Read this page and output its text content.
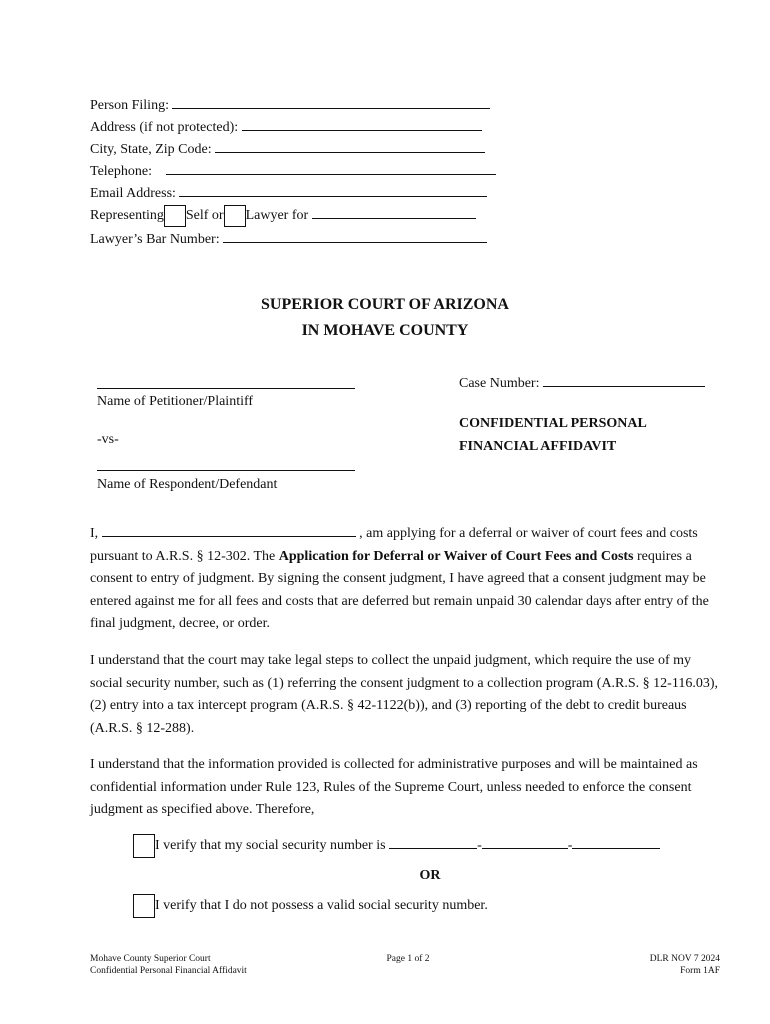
Person Filing:
Address (if not protected):
City, State, Zip Code:
Telephone:
Email Address:
Representing Self or Lawyer for
Lawyer’s Bar Number:
SUPERIOR COURT OF ARIZONA
IN MOHAVE COUNTY
Name of Petitioner/Plaintiff
-vs-
Name of Respondent/Defendant
Case Number:
CONFIDENTIAL PERSONAL
FINANCIAL AFFIDAVIT
I,	, am applying for a deferral or waiver of court fees and costs pursuant to A.R.S. § 12-302. The Application for Deferral or Waiver of Court Fees and Costs requires a consent to entry of judgment. By signing the consent judgment, I have agreed that a consent judgment may be entered against me for all fees and costs that are deferred but remain unpaid 30 calendar days after entry of the final judgment, decree, or order.
I understand that the court may take legal steps to collect the unpaid judgment, which require the use of my social security number, such as (1) referring the consent judgment to a collection program (A.R.S. § 12-116.03), (2) entry into a tax intercept program (A.R.S. § 42-1122(b)), and (3) reporting of the debt to credit bureaus (A.R.S. § 12-288).
I understand that the information provided is collected for administrative purposes and will be maintained as confidential information under Rule 123, Rules of the Supreme Court, unless needed to enforce the consent judgment as specified above. Therefore,
I verify that my social security number is	-	-
OR
I verify that I do not possess a valid social security number.
Mohave County Superior Court
Confidential Personal Financial Affidavit
Page 1 of 2	DLR NOV 7 2024
Form 1AF
